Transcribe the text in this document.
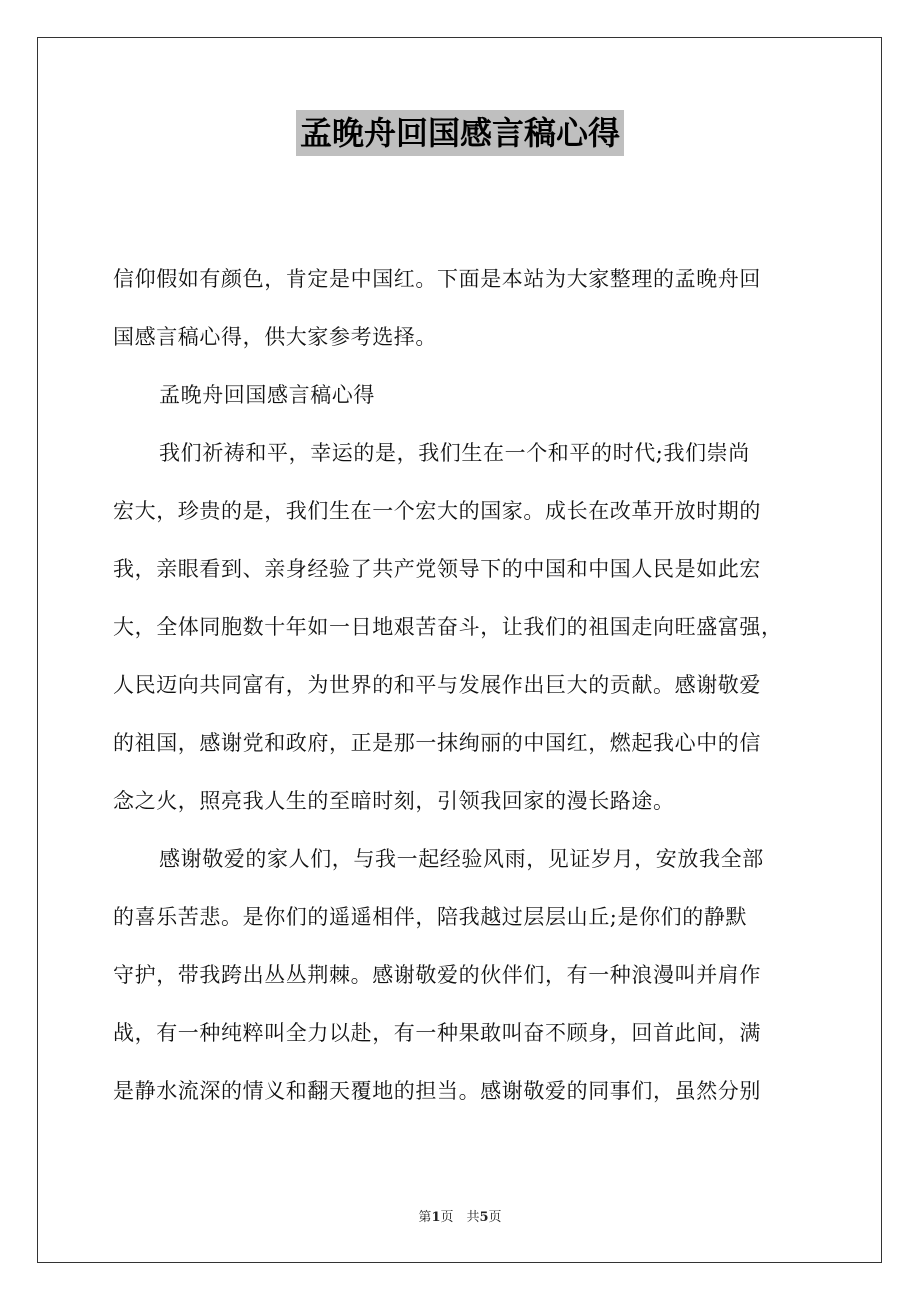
孟晚舟回国感言稿心得
信仰假如有颜色，肯定是中国红。下面是本站为大家整理的孟晚舟回
国感言稿心得，供大家参考选择。
孟晚舟回国感言稿心得
我们祈祷和平，幸运的是，我们生在一个和平的时代;我们崇尚
宏大，珍贵的是，我们生在一个宏大的国家。成长在改革开放时期的
我，亲眼看到、亲身经验了共产党领导下的中国和中国人民是如此宏
大，全体同胞数十年如一日地艰苦奋斗，让我们的祖国走向旺盛富强，
人民迈向共同富有，为世界的和平与发展作出巨大的贡献。感谢敬爱
的祖国，感谢党和政府，正是那一抹绚丽的中国红，燃起我心中的信
念之火，照亮我人生的至暗时刻，引领我回家的漫长路途。
感谢敬爱的家人们，与我一起经验风雨，见证岁月，安放我全部
的喜乐苦悲。是你们的遥遥相伴，陪我越过层层山丘;是你们的静默
守护，带我跨出丛丛荆棘。感谢敬爱的伙伴们，有一种浪漫叫并肩作
战，有一种纯粹叫全力以赴，有一种果敢叫奋不顾身，回首此间，满
是静水流深的情义和翻天覆地的担当。感谢敬爱的同事们，虽然分别
第1页　共5页
